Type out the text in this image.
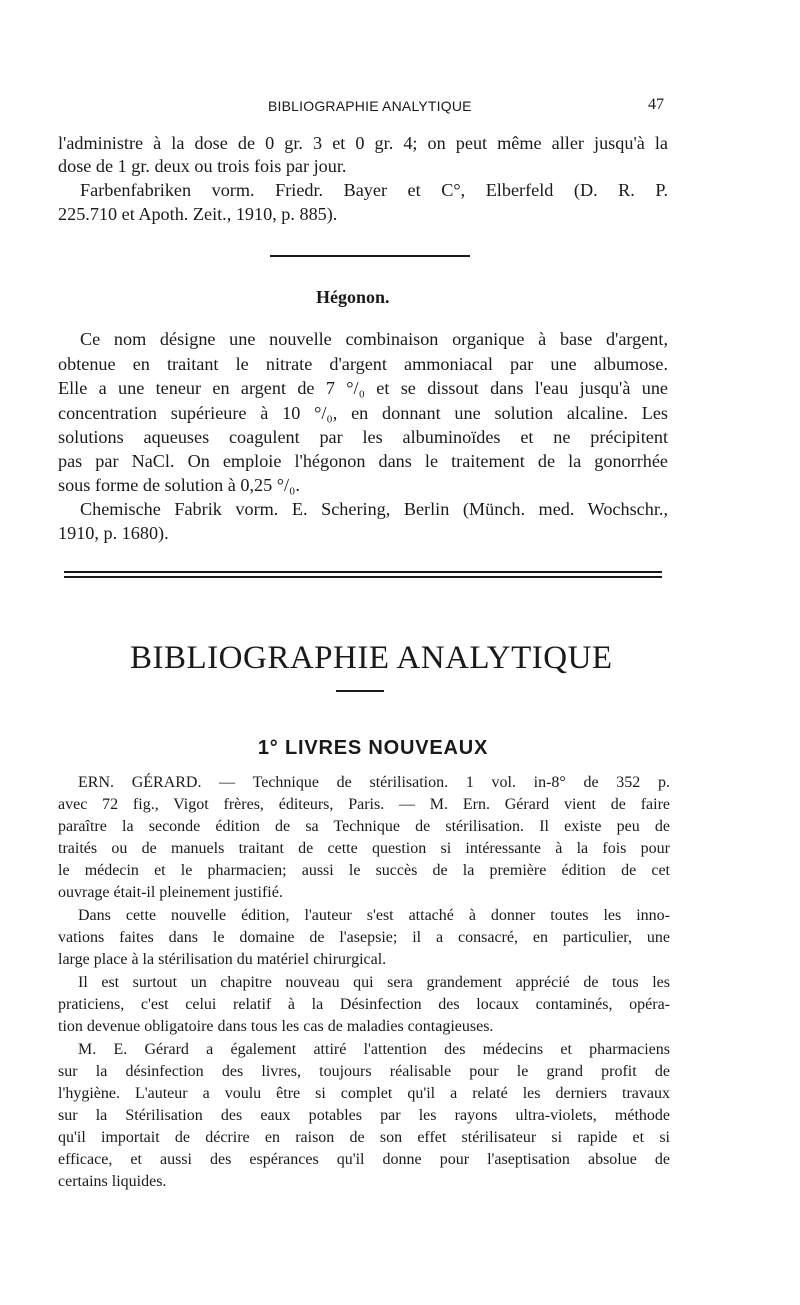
BIBLIOGRAPHIE ANALYTIQUE	47
l'administre à la dose de 0 gr. 3 et 0 gr. 4; on peut même aller jusqu'à la
dose de 1 gr. deux ou trois fois par jour.
Farbenfabriken vorm. Friedr. Bayer et C°, Elberfeld (D. R. P.
225.710 et Apoth. Zeit., 1910, p. 885).
Hégonon.
Ce nom désigne une nouvelle combinaison organique à base d'argent,
obtenue en traitant le nitrate d'argent ammoniacal par une albumose.
Elle a une teneur en argent de 7 °/₀ et se dissout dans l'eau jusqu'à une
concentration supérieure à 10 °/₀, en donnant une solution alcaline. Les
solutions aqueuses coagulent par les albuminoïdes et ne précipitent
pas par NaCl. On emploie l'hégonon dans le traitement de la gonorrhée
sous forme de solution à 0,25 °/₀.
Chemische Fabrik vorm. E. Schering, Berlin (Münch. med. Wochschr.,
1910, p. 1680).
BIBLIOGRAPHIE ANALYTIQUE
1° LIVRES NOUVEAUX
ERN. GÉRARD. — Technique de stérilisation. 1 vol. in-8° de 352 p.
avec 72 fig., Vigot frères, éditeurs, Paris. — M. Ern. Gérard vient de faire
paraître la seconde édition de sa Technique de stérilisation. Il existe peu de
traités ou de manuels traitant de cette question si intéressante à la fois pour
le médecin et le pharmacien; aussi le succès de la première édition de cet
ouvrage était-il pleinement justifié.
Dans cette nouvelle édition, l'auteur s'est attaché à donner toutes les inno-
vations faites dans le domaine de l'asepsie; il a consacré, en particulier, une
large place à la stérilisation du matériel chirurgical.
Il est surtout un chapitre nouveau qui sera grandement apprécié de tous les
praticiens, c'est celui relatif à la Désinfection des locaux contaminés, opéra-
tion devenue obligatoire dans tous les cas de maladies contagieuses.
M. E. Gérard a également attiré l'attention des médecins et pharmaciens
sur la désinfection des livres, toujours réalisable pour le grand profit de
l'hygiène. L'auteur a voulu être si complet qu'il a relaté les derniers travaux
sur la Stérilisation des eaux potables par les rayons ultra-violets, méthode
qu'il importait de décrire en raison de son effet stérilisateur si rapide et si
efficace, et aussi des espérances qu'il donne pour l'aseptisation absolue de
certains liquides.
